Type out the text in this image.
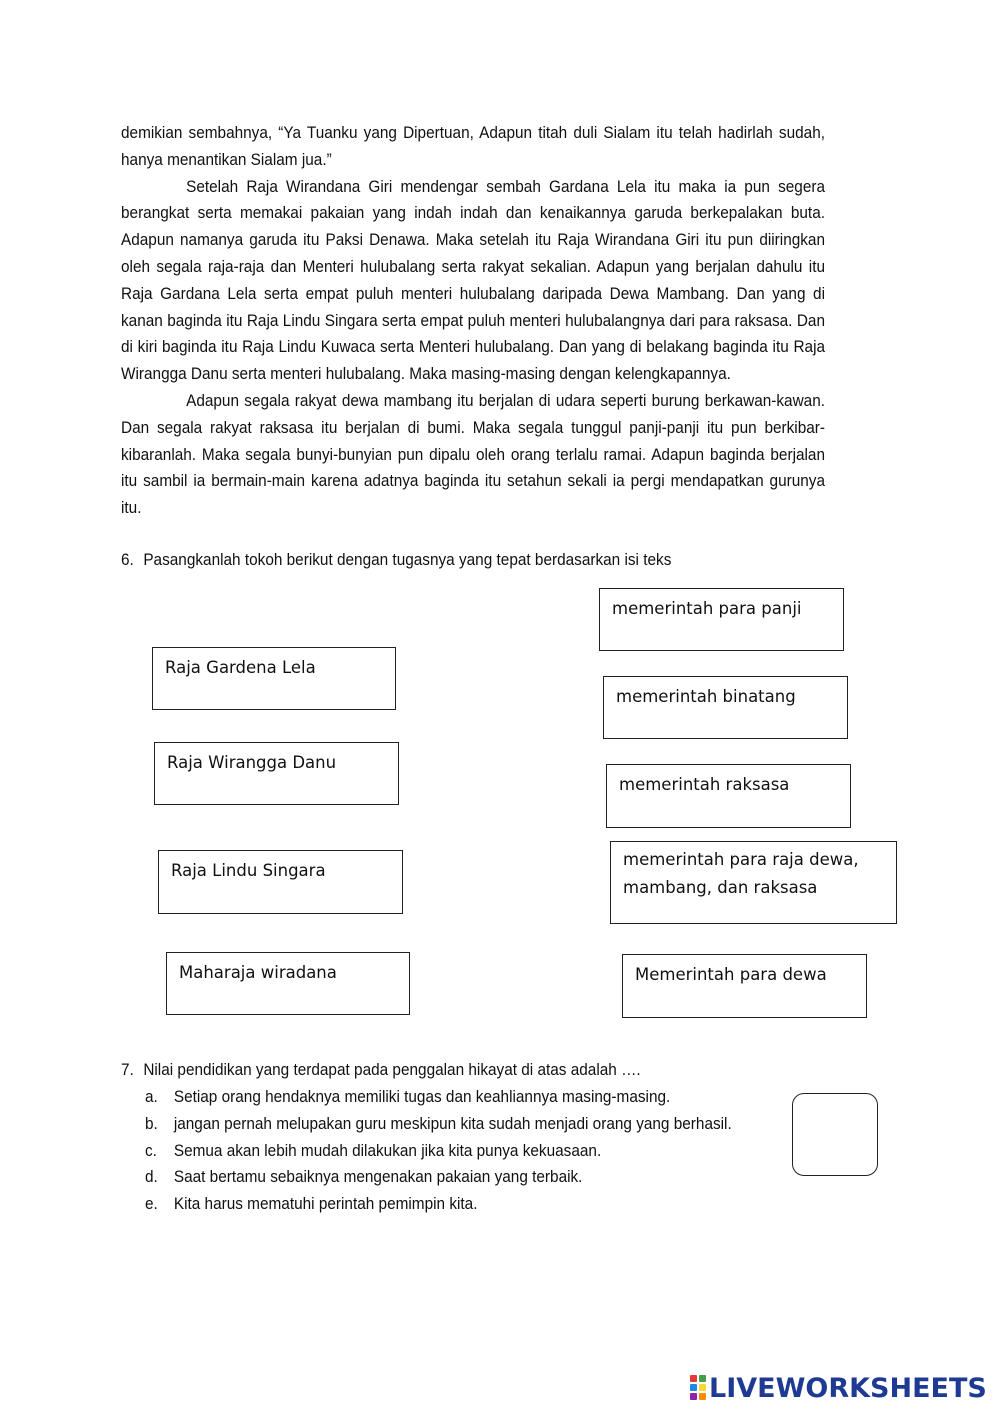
demikian sembahnya, “Ya Tuanku yang Dipertuan, Adapun titah duli Sialam itu telah hadirlah sudah, hanya menantikan Sialam jua.”

Setelah Raja Wirandana Giri mendengar sembah Gardana Lela itu maka ia pun segera berangkat serta memakai pakaian yang indah indah dan kenaikannya garuda berkepalakan buta. Adapun namanya garuda itu Paksi Denawa. Maka setelah itu Raja Wirandana Giri itu pun diiringkan oleh segala raja-raja dan Menteri hulubalang serta rakyat sekalian. Adapun yang berjalan dahulu itu Raja Gardana Lela serta empat puluh menteri hulubalang daripada Dewa Mambang. Dan yang di kanan baginda itu Raja Lindu Singara serta empat puluh menteri hulubalangnya dari para raksasa. Dan di kiri baginda itu Raja Lindu Kuwaca serta Menteri hulubalang. Dan yang di belakang baginda itu Raja Wirangga Danu serta menteri hulubalang. Maka masing-masing dengan kelengkapannya.

Adapun segala rakyat dewa mambang itu berjalan di udara seperti burung berkawan-kawan. Dan segala rakyat raksasa itu berjalan di bumi. Maka segala tunggul panji-panji itu pun berkibar-kibaranlah. Maka segala bunyi-bunyian pun dipalu oleh orang terlalu ramai. Adapun baginda berjalan itu sambil ia bermain-main karena adatnya baginda itu setahun sekali ia pergi mendapatkan gurunya itu.

6. Pasangkanlah tokoh berikut dengan tugasnya yang tepat berdasarkan isi teks
Raja Gardena Lela
Raja Wirangga Danu
Raja Lindu Singara
Maharaja wiradana
memerintah para panji
memerintah binatang
memerintah raksasa
memerintah para raja dewa, mambang, dan raksasa
Memerintah para dewa
7. Nilai pendidikan yang terdapat pada penggalan hikayat di atas adalah ….
a. Setiap orang hendaknya memiliki tugas dan keahliannya masing-masing.
b. jangan pernah melupakan guru meskipun kita sudah menjadi orang yang berhasil.
c. Semua akan lebih mudah dilakukan jika kita punya kekuasaan.
d. Saat bertamu sebaiknya mengenakan pakaian yang terbaik.
e. Kita harus mematuhi perintah pemimpin kita.
LIVEWORKSHEETS
